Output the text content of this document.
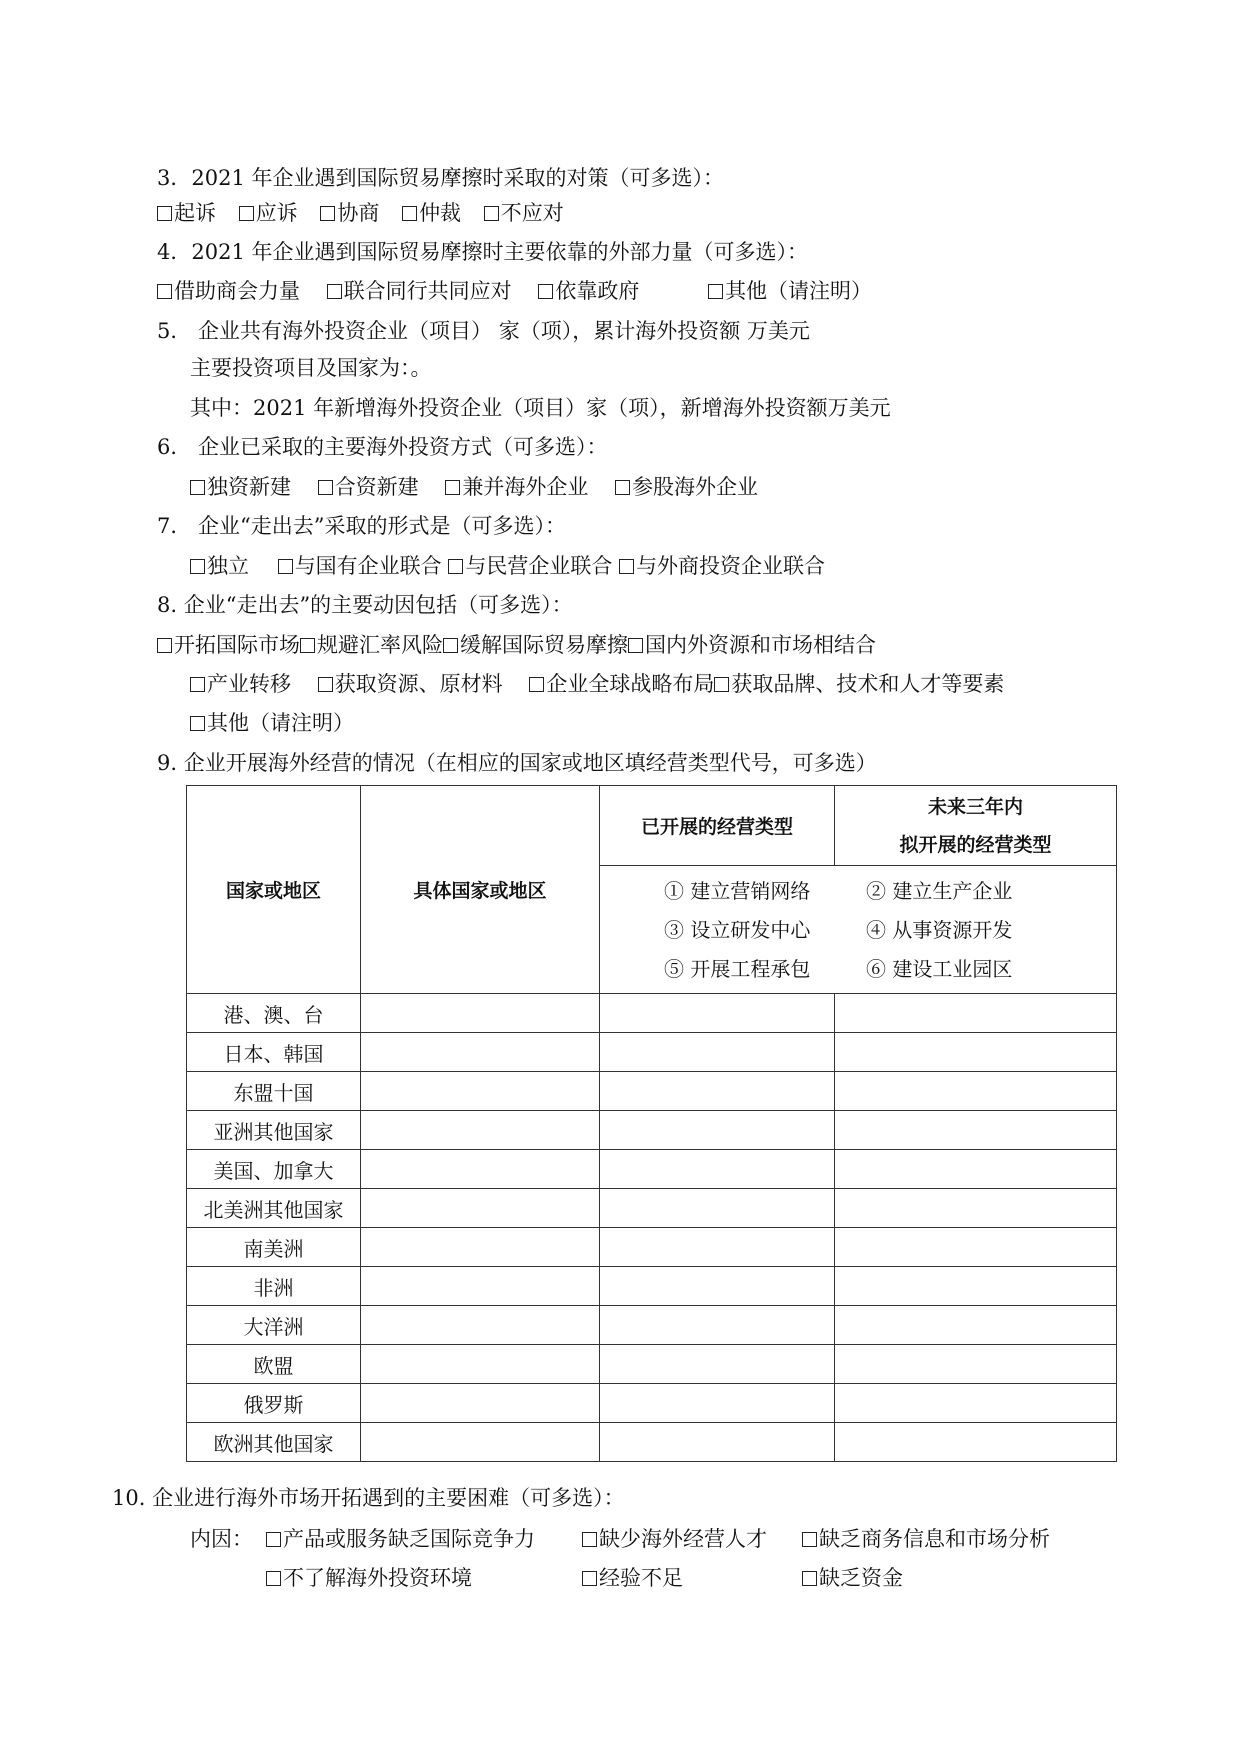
3．2021 年企业遇到国际贸易摩擦时采取的对策（可多选）：
起诉 应诉 协商 仲裁 不应对
4．2021 年企业遇到国际贸易摩擦时主要依靠的外部力量（可多选）：
借助商会力量 联合同行共同应对 依靠政府	其他（请注明）
5． 企业共有海外投资企业（项目） 家（项），累计海外投资额 万美元
主要投资项目及国家为：。
其中：2021 年新增海外投资企业（项目）家（项），新增海外投资额万美元
6． 企业已采取的主要海外投资方式（可多选）：
独资新建 合资新建 兼并海外企业 参股海外企业
7． 企业“走出去”采取的形式是（可多选）：
独立 与国有企业联合 与民营企业联合 与外商投资企业联合
8. 企业“走出去”的主要动因包括（可多选）：
开拓国际市场 规避汇率风险 缓解国际贸易摩擦 国内外资源和市场相结合
产业转移 获取资源、原材料 企业全球战略布局 获取品牌、技术和人才等要素
其他（请注明）
9. 企业开展海外经营的情况（在相应的国家或地区填经营类型代号，可多选）
国家或地区	具体国家或地区	已开展的经营类型	未来三年内
拟开展的经营类型

		① 建立营销网络 ② 建立生产企业
③ 设立研发中心 ④ 从事资源开发
⑤ 开展工程承包 ⑥ 建设工业园区	

港、澳、台			
日本、韩国			
东盟十国			
亚洲其他国家			
美国、加拿大			
北美洲其他国家			
南美洲			
非洲			
大洋洲			
欧盟			
俄罗斯			
欧洲其他国家			
10. 企业进行海外市场开拓遇到的主要困难（可多选）：
内因： 产品或服务缺乏国际竞争力	缺少海外经营人才 缺乏商务信息和市场分析
不了解海外投资环境	经验不足	缺乏资金
